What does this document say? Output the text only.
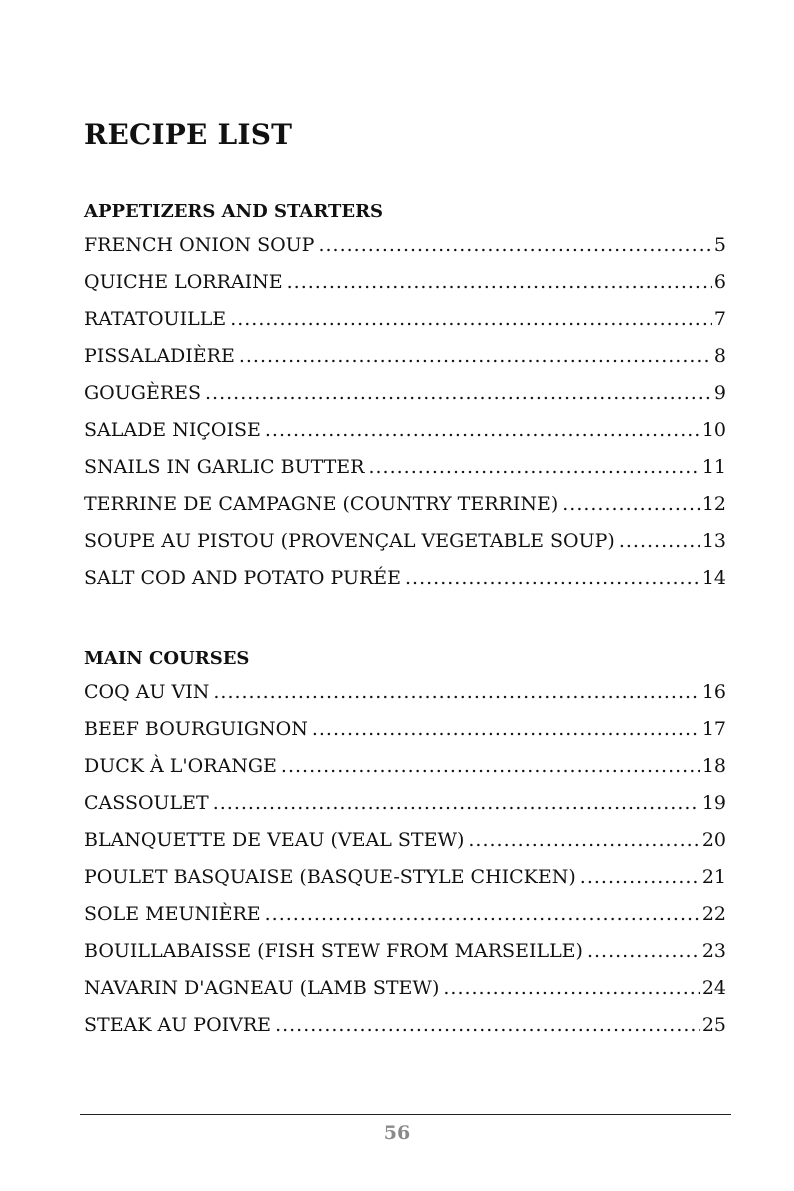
RECIPE LIST
APPETIZERS AND STARTERS
FRENCH ONION SOUP .....	5
QUICHE LORRAINE .....	6
RATATOUILLE .....	7
PISSALADIÈRE .....	8
GOUGÈRES .....	9
SALADE NIÇOISE .....	10
SNAILS IN GARLIC BUTTER .....	11
TERRINE DE CAMPAGNE (COUNTRY TERRINE) .....	12
SOUPE AU PISTOU (PROVENÇAL VEGETABLE SOUP) .....	13
SALT COD AND POTATO PURÉE .....	14
MAIN COURSES
COQ AU VIN .....	16
BEEF BOURGUIGNON .....	17
DUCK À L'ORANGE .....	18
CASSOULET .....	19
BLANQUETTE DE VEAU (VEAL STEW) .....	20
POULET BASQUAISE (BASQUE-STYLE CHICKEN) .....	21
SOLE MEUNIÈRE .....	22
BOUILLABAISSE (FISH STEW FROM MARSEILLE) .....	23
NAVARIN D'AGNEAU (LAMB STEW) .....	24
STEAK AU POIVRE .....	25
56
